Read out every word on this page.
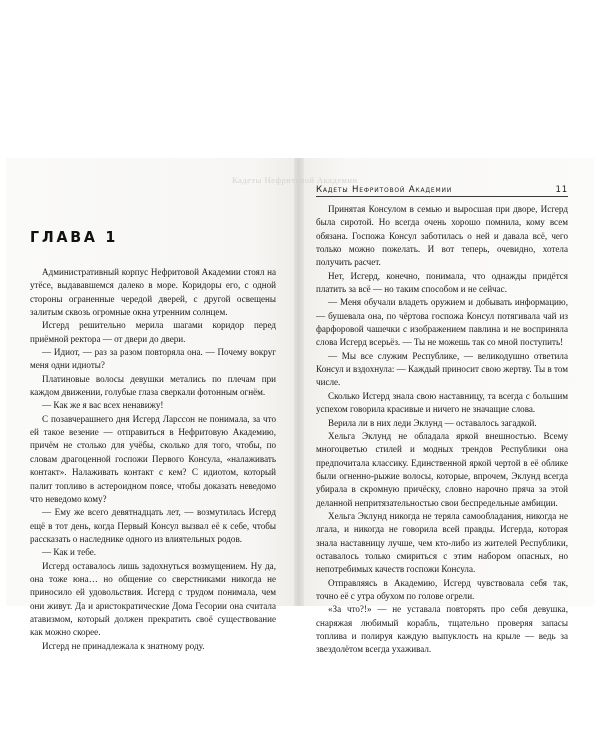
Кадеты Нефритовой Академии
ГЛАВА 1

Административный корпус Нефритовой Академии стоял на утёсе, выдававшемся далеко в море. Коридоры его, с одной стороны ограненные чередой дверей, с другой освещены залитым сквозь огромные окна утренним солнцем.

Исгерд решительно мерила шагами коридор перед приёмной ректора — от двери до двери.

— Идиот, — раз за разом повторяла она. — Почему вокруг меня одни идиоты?

Платиновые волосы девушки метались по плечам при каждом движении, голубые глаза сверкали фотонным огнём.

— Как же я вас всех ненавижу!

С позавчерашнего дня Исгерд Ларссон не понимала, за что ей такое везение — отправиться в Нефритовую Академию, причём не столько для учёбы, сколько для того, чтобы, по словам драгоценной госпожи Первого Консула, «налаживать контакт». Налаживать контакт с кем? С идиотом, который палит топливо в астероидном поясе, чтобы доказать неведомо что неведомо кому?

— Ему же всего девятнадцать лет, — возмутилась Исгерд ещё в тот день, когда Первый Консул вызвал её к себе, чтобы рассказать о наследнике одного из влиятельных родов.

— Как и тебе.

Исгерд оставалось лишь задохнуться возмущением. Ну да, она тоже юна… но общение со сверстниками никогда не приносило ей удовольствия. Исгерд с трудом понимала, чем они живут. Да и аристократические Дома Гесории она считала атавизмом, который должен прекратить своё существование как можно скорее.

Исгерд не принадлежала к знатному роду.

Кадеты Нефритовой Академии	11

Принятая Консулом в семью и выросшая при дворе, Исгерд была сиротой. Но всегда очень хорошо помнила, кому всем обязана. Госпожа Консул заботилась о ней и давала всё, чего только можно пожелать. И вот теперь, очевидно, хотела получить расчет.

Нет, Исгерд, конечно, понимала, что однажды придётся платить за всё — но таким способом и не сейчас.

— Меня обучали владеть оружием и добывать информацию, — бушевала она, по чёртова госпожа Консул потягивала чай из фарфоровой чашечки с изображением павлина и не восприняла слова Исгерд всерьёз. — Ты не можешь так со мной поступить!

— Мы все служим Республике, — великодушно ответила Консул и вздохнула: — Каждый приносит свою жертву. Ты в том числе.

Сколько Исгерд знала свою наставницу, та всегда с большим успехом говорила красивые и ничего не значащие слова.

Верила ли в них леди Эклунд — оставалось загадкой.

Хельга Эклунд не обладала яркой внешностью. Всему многоцветью стилей и модных трендов Республики она предпочитала классику. Единственной яркой чертой в её облике были огненно-рыжие волосы, которые, впрочем, Эклунд всегда убирала в скромную причёску, словно нарочно пряча за этой деланной непритязательностью свои беспредельные амбиции.

Хельга Эклунд никогда не теряла самообладания, никогда не лгала, и никогда не говорила всей правды. Исгерда, которая знала наставницу лучше, чем кто-либо из жителей Республики, оставалось только смириться с этим набором опасных, но непотребимых качеств госпожи Консула.

Отправляясь в Академию, Исгерд чувствовала себя так, точно её с утра обухом по голове огрели.

«За что?!» — не уставала повторять про себя девушка, снаряжая любимый корабль, тщательно проверяя запасы топлива и полируя каждую выпуклость на крыле — ведь за звездолётом всегда ухаживал.
